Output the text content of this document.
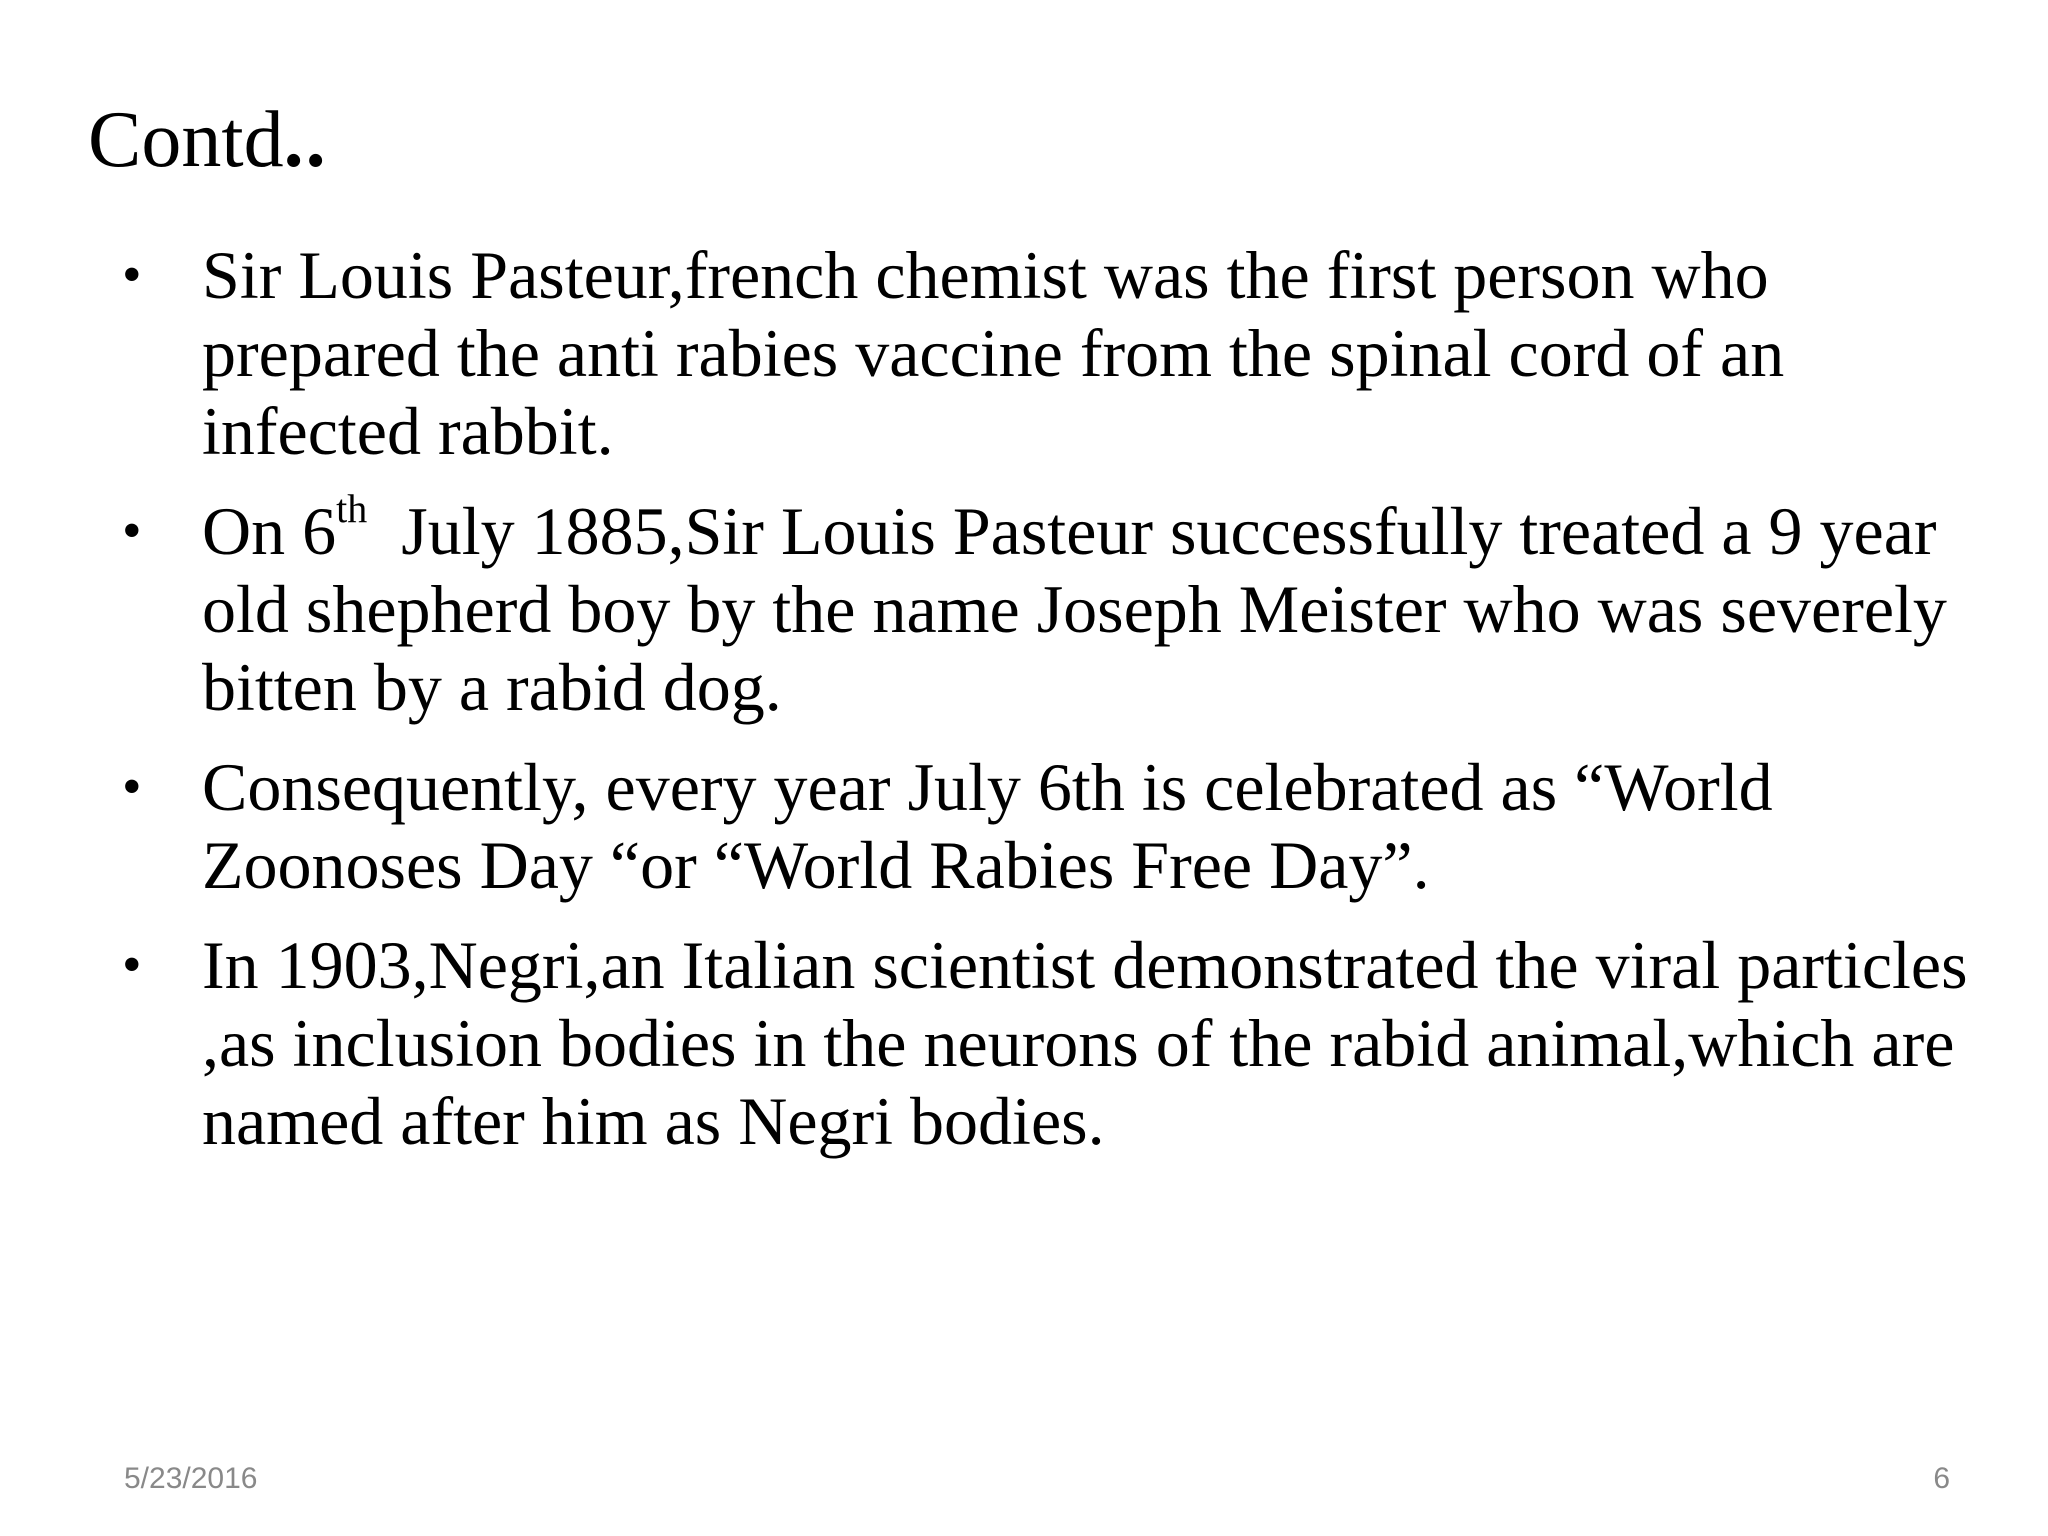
Contd..
• Sir Louis Pasteur,french chemist was the first person who prepared the anti rabies vaccine from the spinal cord of an infected rabbit.
• On 6th  July 1885,Sir Louis Pasteur successfully treated a 9 year old shepherd boy by the name Joseph Meister who was severely bitten by a rabid dog.
• Consequently, every year July 6th is celebrated as “World Zoonoses Day “or “World Rabies Free Day”.
• In 1903,Negri,an Italian scientist demonstrated the viral particles ,as inclusion bodies in the neurons of the rabid animal,which are named after him as Negri bodies.
5/23/2016	6
